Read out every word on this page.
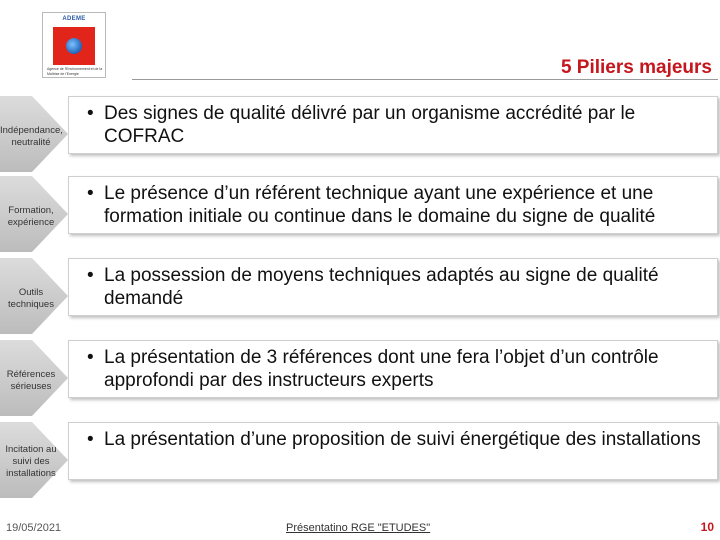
ADEME
Agence de l'Environnement et de la Maîtrise de l'Energie	5 Piliers majeurs
Indépendance, neutralité
• Des signes de qualité délivré par un organisme accrédité par le COFRAC
Formation, expérience
• Le présence d’un référent technique ayant une expérience et une formation initiale ou continue dans le domaine du signe de qualité
Outils techniques
• La possession de moyens techniques adaptés au signe de qualité demandé
Références sérieuses
• La présentation de 3 références dont une fera l’objet d’un contrôle approfondi par des instructeurs experts
Incitation au suivi des installations
• La présentation d’une proposition de suivi énergétique des installations
19/05/2021	Présentatino RGE "ETUDES"	10
